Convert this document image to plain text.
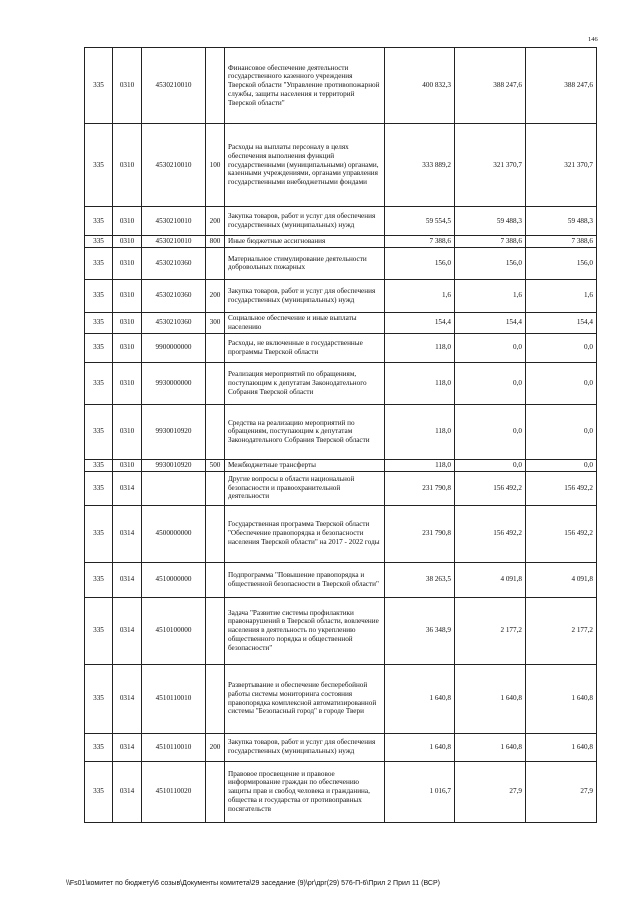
146
335	0310	4530210010		Финансовое обеспечение деятельности государственного казенного учреждения Тверской области "Управление противопожарной службы, защиты населения и территорий Тверской области"	400 832,3	388 247,6	388 247,6
335	0310	4530210010	100	Расходы на выплаты персоналу в целях обеспечения выполнения функций государственными (муниципальными) органами, казенными учреждениями, органами управления государственными внебюджетными фондами	333 889,2	321 370,7	321 370,7
335	0310	4530210010	200	Закупка товаров, работ и услуг для обеспечения государственных (муниципальных) нужд	59 554,5	59 488,3	59 488,3
335	0310	4530210010	800	Иные бюджетные ассигнования	7 388,6	7 388,6	7 388,6
335	0310	4530210360		Материальное стимулирование деятельности добровольных пожарных	156,0	156,0	156,0
335	0310	4530210360	200	Закупка товаров, работ и услуг для обеспечения государственных (муниципальных) нужд	1,6	1,6	1,6
335	0310	4530210360	300	Социальное обеспечение и иные выплаты населению	154,4	154,4	154,4
335	0310	9900000000		Расходы, не включенные в государственные программы Тверской области	118,0	0,0	0,0
335	0310	9930000000		Реализация мероприятий по обращениям, поступающим к депутатам Законодательного Собрания Тверской области	118,0	0,0	0,0
335	0310	9930010920		Средства на реализацию мероприятий по обращениям, поступающим к депутатам Законодательного Собрания Тверской области	118,0	0,0	0,0
335	0310	9930010920	500	Межбюджетные трансферты	118,0	0,0	0,0
335	0314			Другие вопросы в области национальной безопасности и правоохранительной деятельности	231 790,8	156 492,2	156 492,2
335	0314	4500000000		Государственная программа Тверской области "Обеспечение правопорядка и безопасности населения Тверской области" на 2017 - 2022 годы	231 790,8	156 492,2	156 492,2
335	0314	4510000000		Подпрограмма "Повышение правопорядка и общественной безопасности в Тверской области"	38 263,5	4 091,8	4 091,8
335	0314	4510100000		Задача "Развитие системы профилактики правонарушений в Тверской области, вовлечение населения в деятельность по укреплению общественного порядка и общественной безопасности"	36 348,9	2 177,2	2 177,2
335	0314	4510110010		Развертывание и обеспечение бесперебойной работы системы мониторинга состояния правопорядка комплексной автоматизированной системы "Безопасный город" в городе Твери	1 640,8	1 640,8	1 640,8
335	0314	4510110010	200	Закупка товаров, работ и услуг для обеспечения государственных (муниципальных) нужд	1 640,8	1 640,8	1 640,8
335	0314	4510110020		Правовое просвещение и правовое информирование граждан по обеспечению защиты прав и свобод человека и гражданина, общества и государства от противоправных посягательств	1 016,7	27,9	27,9
\\Fs01\комитет по бюджету\6 созыв\Документы комитета\29 заседание (9)\рг\дрг(29) 576-П-6\Прил 2 Прил 11 (ВСР)
